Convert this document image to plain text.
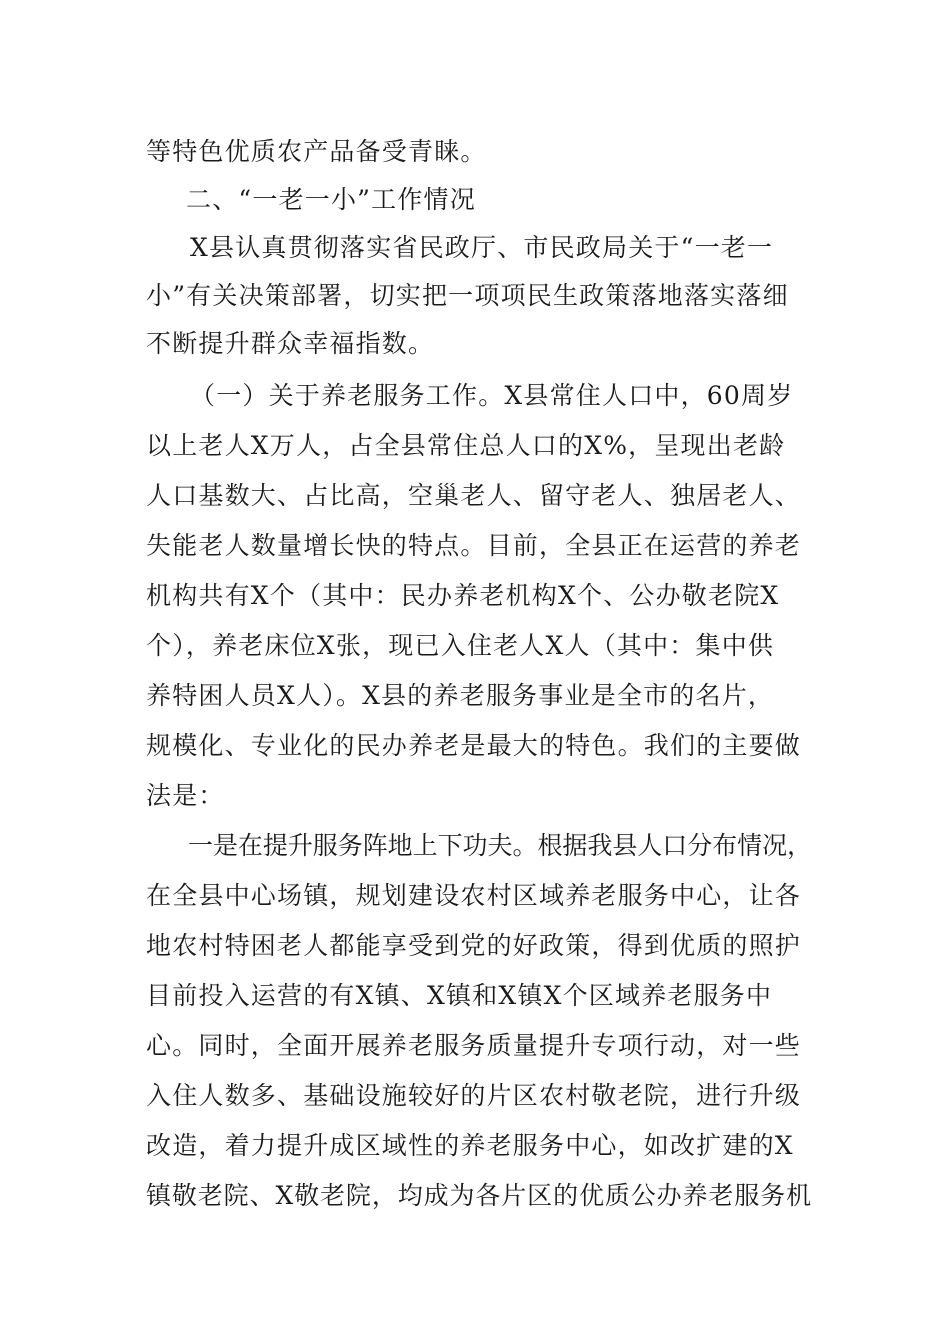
等特色优质农产品备受青睐。
二、“一老一小”工作情况
X县认真贯彻落实省民政厅、市民政局关于“一老一
小”有关决策部署，切实把一项项民生政策落地落实落细
不断提升群众幸福指数。
（一）关于养老服务工作。X县常住人口中，60周岁
以上老人X万人，占全县常住总人口的X%，呈现出老龄
人口基数大、占比高，空巢老人、留守老人、独居老人、
失能老人数量增长快的特点。目前，全县正在运营的养老
机构共有X个（其中：民办养老机构X个、公办敬老院X
个），养老床位X张，现已入住老人X人（其中：集中供
养特困人员X人）。X县的养老服务事业是全市的名片，
规模化、专业化的民办养老是最大的特色。我们的主要做
法是：
一是在提升服务阵地上下功夫。根据我县人口分布情况，
在全县中心场镇，规划建设农村区域养老服务中心，让各
地农村特困老人都能享受到党的好政策，得到优质的照护
目前投入运营的有X镇、X镇和X镇X个区域养老服务中
心。同时，全面开展养老服务质量提升专项行动，对一些
入住人数多、基础设施较好的片区农村敬老院，进行升级
改造，着力提升成区域性的养老服务中心，如改扩建的X
镇敬老院、X敬老院，均成为各片区的优质公办养老服务机
